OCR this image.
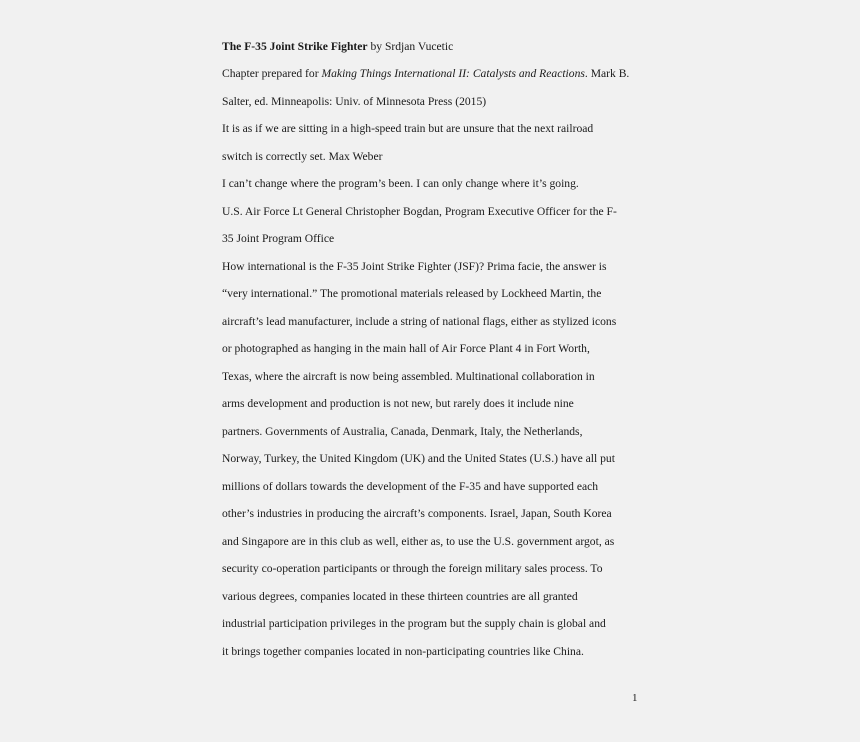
The F-35 Joint Strike Fighter by Srdjan Vucetic
Chapter prepared for Making Things International II: Catalysts and Reactions. Mark B.
Salter, ed. Minneapolis: Univ. of Minnesota Press (2015)
It is as if we are sitting in a high-speed train but are unsure that the next railroad
switch is correctly set. Max Weber
I can’t change where the program’s been. I can only change where it’s going.
U.S. Air Force Lt General Christopher Bogdan, Program Executive Officer for the F-
35 Joint Program Office
How international is the F-35 Joint Strike Fighter (JSF)? Prima facie, the answer is
“very international.” The promotional materials released by Lockheed Martin, the
aircraft’s lead manufacturer, include a string of national flags, either as stylized icons
or photographed as hanging in the main hall of Air Force Plant 4 in Fort Worth,
Texas, where the aircraft is now being assembled. Multinational collaboration in
arms development and production is not new, but rarely does it include nine
partners. Governments of Australia, Canada, Denmark, Italy, the Netherlands,
Norway, Turkey, the United Kingdom (UK) and the United States (U.S.) have all put
millions of dollars towards the development of the F-35 and have supported each
other’s industries in producing the aircraft’s components. Israel, Japan, South Korea
and Singapore are in this club as well, either as, to use the U.S. government argot, as
security co-operation participants or through the foreign military sales process. To
various degrees, companies located in these thirteen countries are all granted
industrial participation privileges in the program but the supply chain is global and
it brings together companies located in non-participating countries like China.
1
